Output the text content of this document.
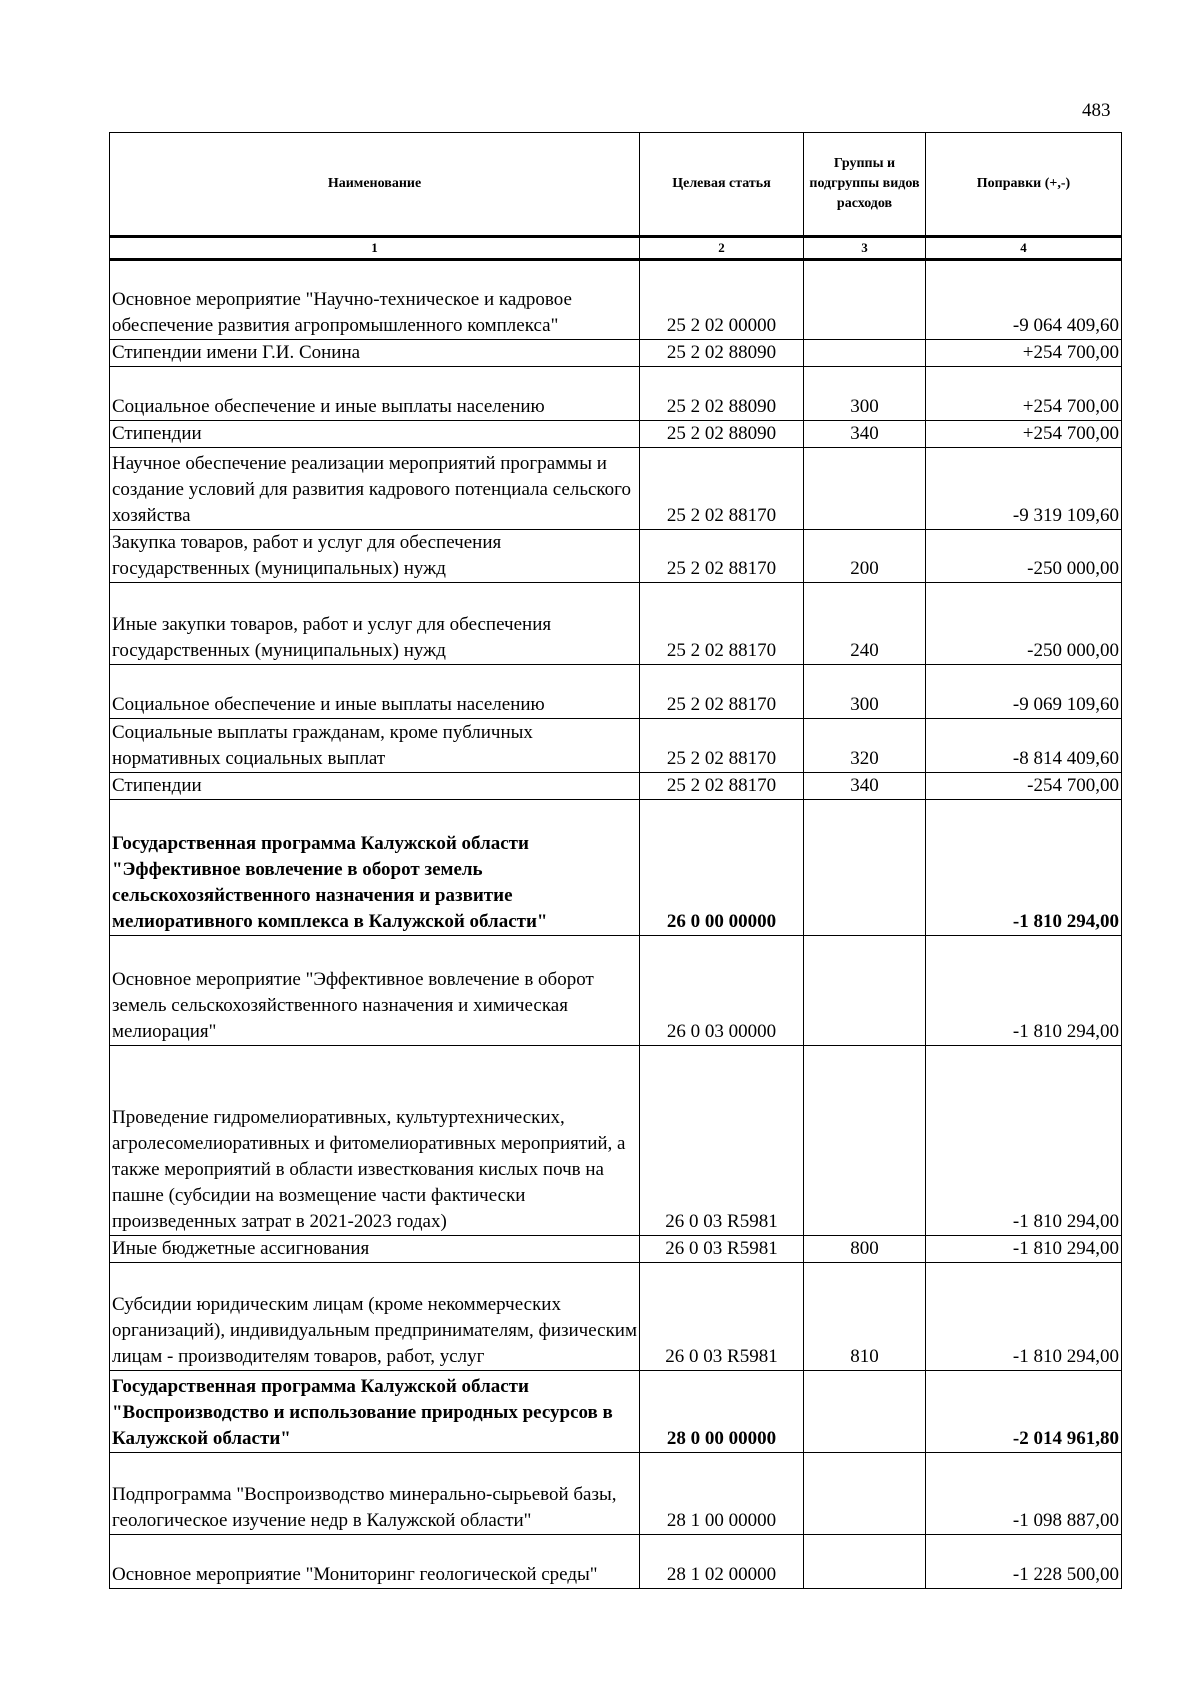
483
Наименование	Целевая статья	Группы и подгруппы видов расходов	Поправки (+,-)
1	2	3	4
Основное мероприятие "Научно-техническое и кадровое обеспечение развития агропромышленного комплекса"	25 2 02 00000		-9 064 409,60
Стипендии имени Г.И. Сонина	25 2 02 88090		+254 700,00
Социальное обеспечение и иные выплаты населению	25 2 02 88090	300	+254 700,00
Стипендии	25 2 02 88090	340	+254 700,00
Научное обеспечение реализации мероприятий программы и создание условий для развития кадрового потенциала сельского хозяйства	25 2 02 88170		-9 319 109,60
Закупка товаров, работ и услуг для обеспечения государственных (муниципальных) нужд	25 2 02 88170	200	-250 000,00
Иные закупки товаров, работ и услуг для обеспечения государственных (муниципальных) нужд	25 2 02 88170	240	-250 000,00
Социальное обеспечение и иные выплаты населению	25 2 02 88170	300	-9 069 109,60
Социальные выплаты гражданам, кроме публичных нормативных социальных выплат	25 2 02 88170	320	-8 814 409,60
Стипендии	25 2 02 88170	340	-254 700,00
Государственная программа Калужской области "Эффективное вовлечение в оборот земель сельскохозяйственного назначения и развитие мелиоративного комплекса в Калужской области"	26 0 00 00000		-1 810 294,00
Основное мероприятие "Эффективное вовлечение в оборот земель сельскохозяйственного назначения и химическая мелиорация"	26 0 03 00000		-1 810 294,00
Проведение гидромелиоративных, культуртехнических, агролесомелиоративных и фитомелиоративных мероприятий, а также мероприятий в области известкования кислых почв на пашне (субсидии на возмещение части фактически произведенных затрат в 2021-2023 годах)	26 0 03 R5981		-1 810 294,00
Иные бюджетные ассигнования	26 0 03 R5981	800	-1 810 294,00
Субсидии юридическим лицам (кроме некоммерческих организаций), индивидуальным предпринимателям, физическим лицам - производителям товаров, работ, услуг	26 0 03 R5981	810	-1 810 294,00
Государственная программа Калужской области "Воспроизводство и использование природных ресурсов в Калужской области"	28 0 00 00000		-2 014 961,80
Подпрограмма "Воспроизводство минерально-сырьевой базы, геологическое изучение недр в Калужской области"	28 1 00 00000		-1 098 887,00
Основное мероприятие "Мониторинг геологической среды"	28 1 02 00000		-1 228 500,00
